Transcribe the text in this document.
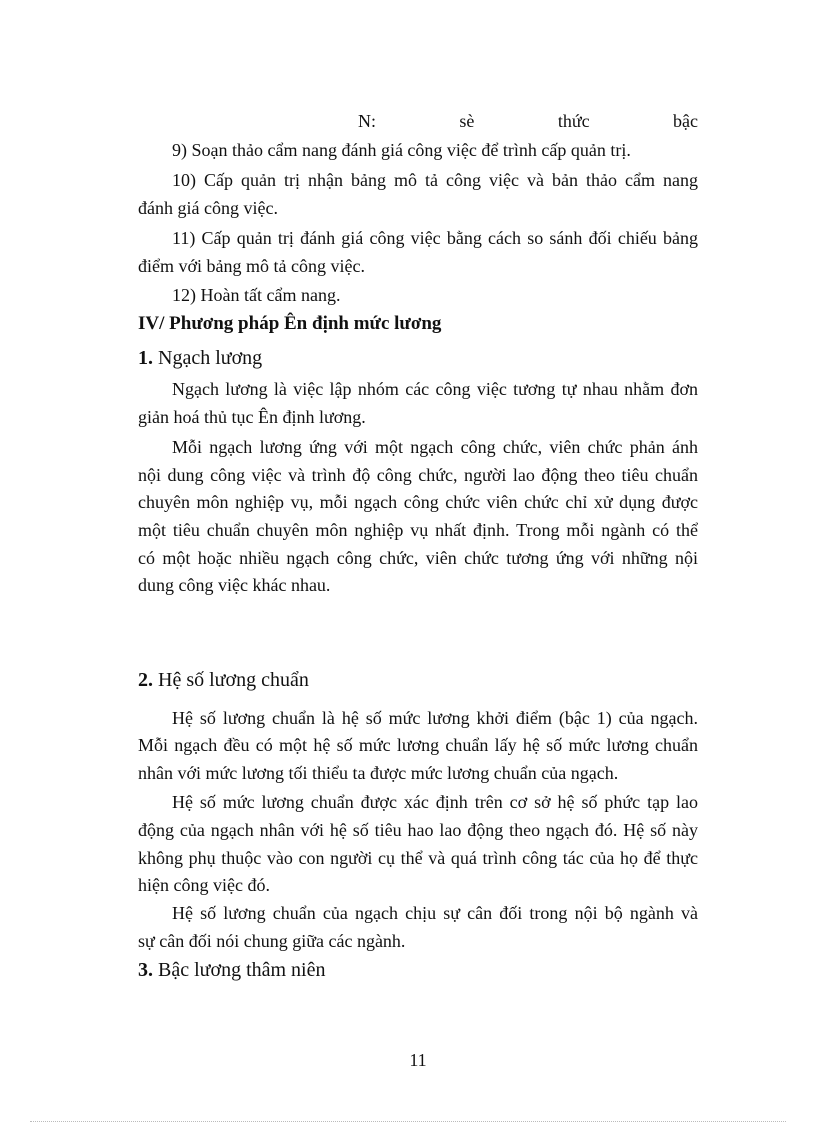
N:	sè	thức	bậc
9) Soạn thảo cẩm nang đánh giá công việc để trình cấp quản trị.
10) Cấp quản trị nhận bảng mô tả công việc và bản thảo cẩm nang
đánh giá công việc.
11) Cấp quản trị đánh giá công việc bằng cách so sánh đối chiếu bảng
điểm với bảng mô tả công việc.
12) Hoàn tất cẩm nang.
IV/ Phương pháp Ên định mức lương
1. Ngạch lương
Ngạch lương là việc lập nhóm các công việc tương tự nhau nhằm đơn
giản hoá thủ tục Ên định lương.
Mỗi ngạch lương ứng với một ngạch công chức, viên chức phản ánh
nội dung công việc và trình độ công chức, người lao động theo tiêu chuẩn
chuyên môn nghiệp vụ, mỗi ngạch công chức viên chức chỉ xử dụng được
một tiêu chuẩn chuyên môn nghiệp vụ nhất định. Trong mỗi ngành có thể
có một hoặc nhiều ngạch công chức, viên chức tương ứng với những nội
dung công việc khác nhau.
2. Hệ số lương chuẩn
Hệ số lương chuẩn là hệ số mức lương khởi điểm (bậc 1) của ngạch.
Mỗi ngạch đều có một hệ số mức lương chuẩn lấy hệ số mức lương chuẩn
nhân với mức lương tối thiểu ta được mức lương chuẩn của ngạch.
Hệ số mức lương chuẩn được xác định trên cơ sở hệ số phức tạp lao
động của ngạch nhân với hệ số tiêu hao lao động theo ngạch đó. Hệ số này
không phụ thuộc vào con người cụ thể và quá trình công tác của họ để thực
hiện công việc đó.
Hệ số lương chuẩn của ngạch chịu sự cân đối trong nội bộ ngành và
sự cân đối nói chung giữa các ngành.
3. Bậc lương thâm niên
11
